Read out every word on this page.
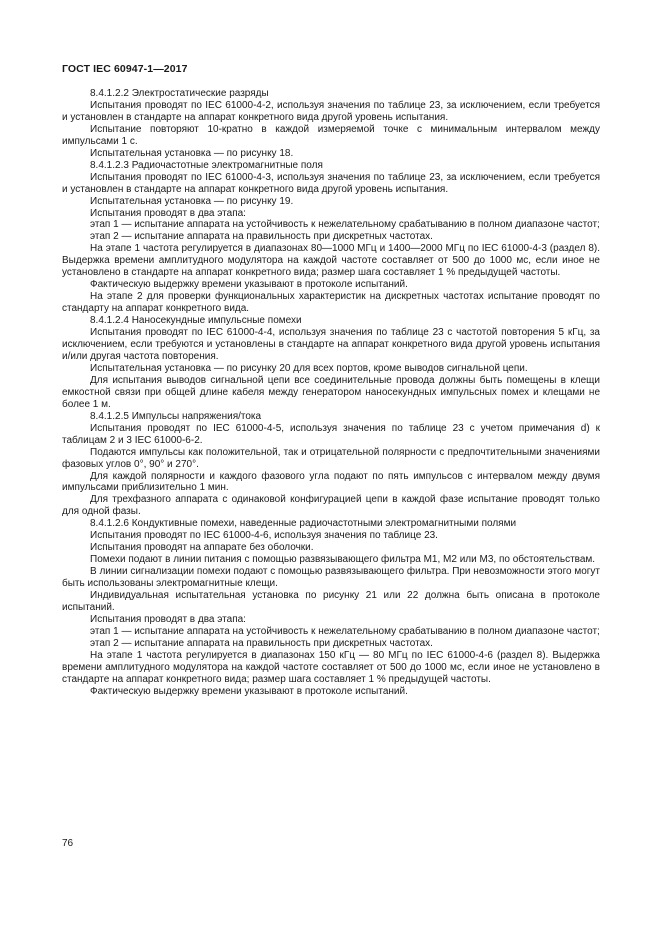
ГОСТ IEC 60947-1—2017

8.4.1.2.2 Электростатические разряды

Испытания проводят по IEC 61000-4-2, используя значения по таблице 23, за исключением, если требуется и установлен в стандарте на аппарат конкретного вида другой уровень испытания.

Испытание повторяют 10-кратно в каждой измеряемой точке с минимальным интервалом между импульсами 1 с.

Испытательная установка — по рисунку 18.

8.4.1.2.3 Радиочастотные электромагнитные поля

Испытания проводят по IEC 61000-4-3, используя значения по таблице 23, за исключением, если требуется и установлен в стандарте на аппарат конкретного вида другой уровень испытания.

Испытательная установка — по рисунку 19.

Испытания проводят в два этапа:

этап 1 — испытание аппарата на устойчивость к нежелательному срабатыванию в полном диапазоне частот;

этап 2 — испытание аппарата на правильность при дискретных частотах.

На этапе 1 частота регулируется в диапазонах 80—1000 МГц и 1400—2000 МГц по IEC 61000-4-3 (раздел 8). Выдержка времени амплитудного модулятора на каждой частоте составляет от 500 до 1000 мс, если иное не установлено в стандарте на аппарат конкретного вида; размер шага составляет 1 % предыдущей частоты.

Фактическую выдержку времени указывают в протоколе испытаний.

На этапе 2 для проверки функциональных характеристик на дискретных частотах испытание проводят по стандарту на аппарат конкретного вида.

8.4.1.2.4 Наносекундные импульсные помехи

Испытания проводят по IEC 61000-4-4, используя значения по таблице 23 с частотой повторения 5 кГц, за исключением, если требуются и установлены в стандарте на аппарат конкретного вида другой уровень испытания и/или другая частота повторения.

Испытательная установка — по рисунку 20 для всех портов, кроме выводов сигнальной цепи.

Для испытания выводов сигнальной цепи все соединительные провода должны быть помещены в клещи емкостной связи при общей длине кабеля между генератором наносекундных импульсных помех и клещами не более 1 м.

8.4.1.2.5 Импульсы напряжения/тока

Испытания проводят по IEC 61000-4-5, используя значения по таблице 23 с учетом примечания d) к таблицам 2 и 3 IEC 61000-6-2.

Подаются импульсы как положительной, так и отрицательной полярности с предпочтительными значениями фазовых углов 0°, 90° и 270°.

Для каждой полярности и каждого фазового угла подают по пять импульсов с интервалом между двумя импульсами приблизительно 1 мин.

Для трехфазного аппарата с одинаковой конфигурацией цепи в каждой фазе испытание проводят только для одной фазы.

8.4.1.2.6 Кондуктивные помехи, наведенные радиочастотными электромагнитными полями

Испытания проводят по IEC 61000-4-6, используя значения по таблице 23.

Испытания проводят на аппарате без оболочки.

Помехи подают в линии питания с помощью развязывающего фильтра М1, М2 или М3, по обстоятельствам.

В линии сигнализации помехи подают с помощью развязывающего фильтра. При невозможности этого могут быть использованы электромагнитные клещи.

Индивидуальная испытательная установка по рисунку 21 или 22 должна быть описана в протоколе испытаний.

Испытания проводят в два этапа:

этап 1 — испытание аппарата на устойчивость к нежелательному срабатыванию в полном диапазоне частот;

этап 2 — испытание аппарата на правильность при дискретных частотах.

На этапе 1 частота регулируется в диапазонах 150 кГц — 80 МГц по IEC 61000-4-6 (раздел 8). Выдержка времени амплитудного модулятора на каждой частоте составляет от 500 до 1000 мс, если иное не установлено в стандарте на аппарат конкретного вида; размер шага составляет 1 % предыдущей частоты.

Фактическую выдержку времени указывают в протоколе испытаний.

76
